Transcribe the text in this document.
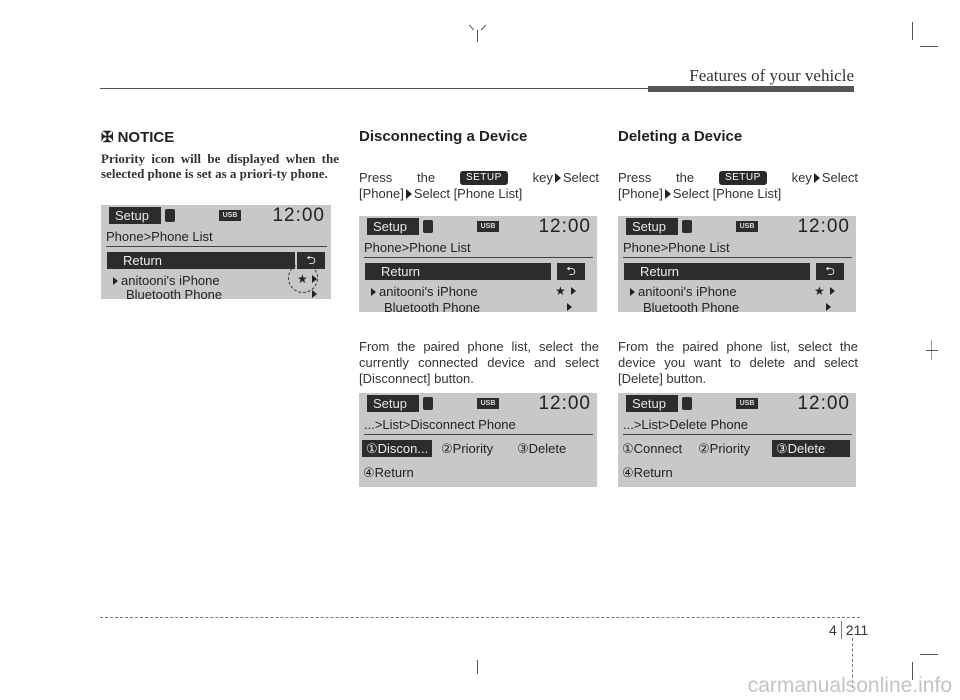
Features of your vehicle
✠ NOTICE
Priority icon will be displayed when the selected phone is set as a priori-ty phone.
Setup	USB 12:00
Phone>Phone List
Return	⮌
anitooni's iPhone
Bluetooth Phone
★
Disconnecting a Device
Press the	SETUP	key Select
[Phone] Select [Phone List]
Setup	USB 12:00
Phone>Phone List
Return	⮌
anitooni's iPhone
Bluetooth Phone
★
From the paired phone list, select the currently connected device and select [Disconnect] button.
Setup	USB 12:00
...>List>Disconnect Phone
①Discon... ②Priority ③Delete
④Return
Deleting a Device
Press the	SETUP	key Select
[Phone] Select [Phone List]
Setup	USB 12:00
Phone>Phone List
Return	⮌
anitooni's iPhone
Bluetooth Phone
★
From the paired phone list, select the device you want to delete and select [Delete] button.
Setup	USB 12:00
...>List>Delete Phone
①Connect ②Priority	③Delete
④Return
4 211
carmanualsonline.info
